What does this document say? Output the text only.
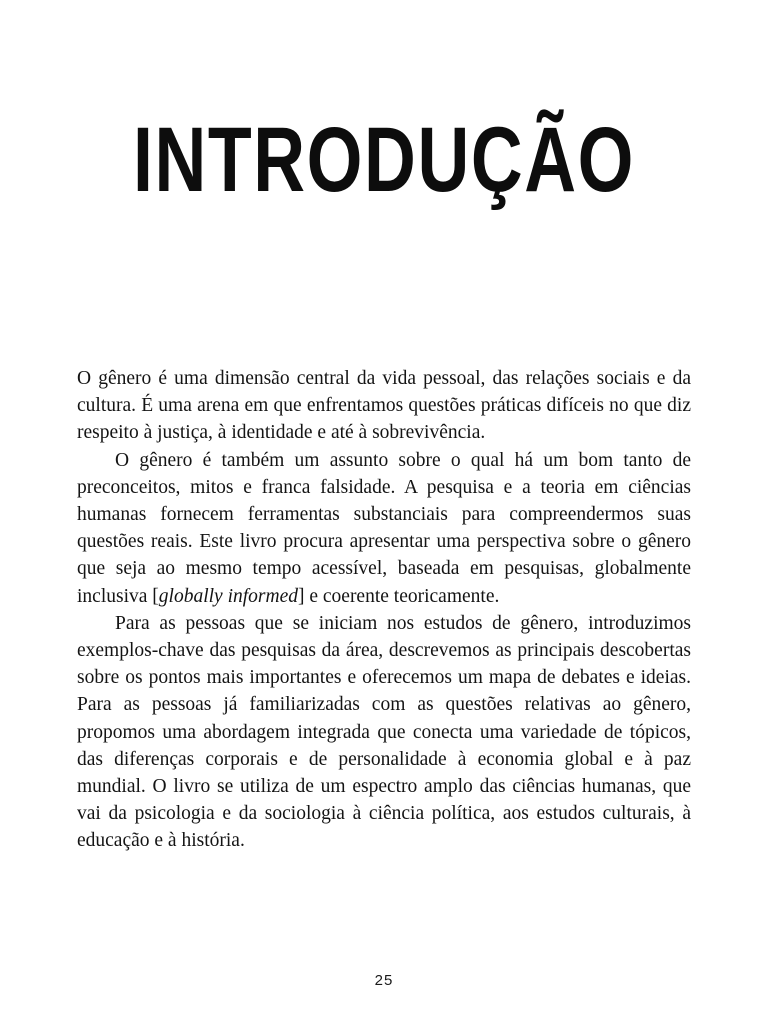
INTRODUÇÃO

O gênero é uma dimensão central da vida pessoal, das relações sociais e da cultura. É uma arena em que enfrentamos questões práticas difíceis no que diz respeito à justiça, à identidade e até à sobrevivência.

O gênero é também um assunto sobre o qual há um bom tanto de preconceitos, mitos e franca falsidade. A pesquisa e a teoria em ciências humanas fornecem ferramentas substanciais para compreendermos suas questões reais. Este livro procura apresentar uma perspectiva sobre o gênero que seja ao mesmo tempo acessível, baseada em pesquisas, globalmente inclusiva [globally informed] e coerente teoricamente.

Para as pessoas que se iniciam nos estudos de gênero, introduzimos exemplos-chave das pesquisas da área, descrevemos as principais descobertas sobre os pontos mais importantes e oferecemos um mapa de debates e ideias. Para as pessoas já familiarizadas com as questões relativas ao gênero, propomos uma abordagem integrada que conecta uma variedade de tópicos, das diferenças corporais e de personalidade à economia global e à paz mundial. O livro se utiliza de um espectro amplo das ciências humanas, que vai da psicologia e da sociologia à ciência política, aos estudos culturais, à educação e à história.

25
